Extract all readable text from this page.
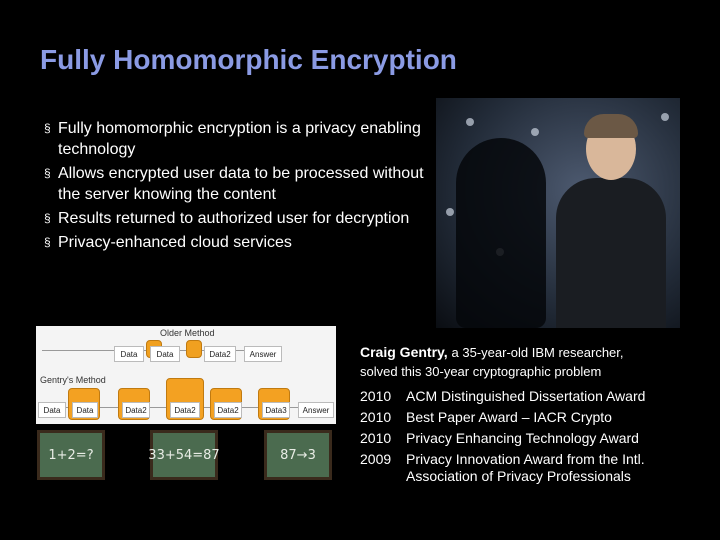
Fully Homomorphic Encryption
§ Fully homomorphic encryption is a privacy enabling technology
§ Allows encrypted user data to be processed without the server knowing the content
§ Results returned to authorized user for decryption
§ Privacy-enhanced cloud services
Older Method
Data	Data	Data2	Answer
Gentry's Method
Data	Data	Data2	Data2	Data2	Data3	Answer
1+2=?	33+54=87	87→3
Craig Gentry, a 35-year-old IBM researcher,
solved this 30-year cryptographic problem
2010	ACM Distinguished Dissertation Award
2010	Best Paper Award – IACR Crypto
2010	Privacy Enhancing Technology Award
2009	Privacy Innovation Award from the Intl. Association of Privacy Professionals
